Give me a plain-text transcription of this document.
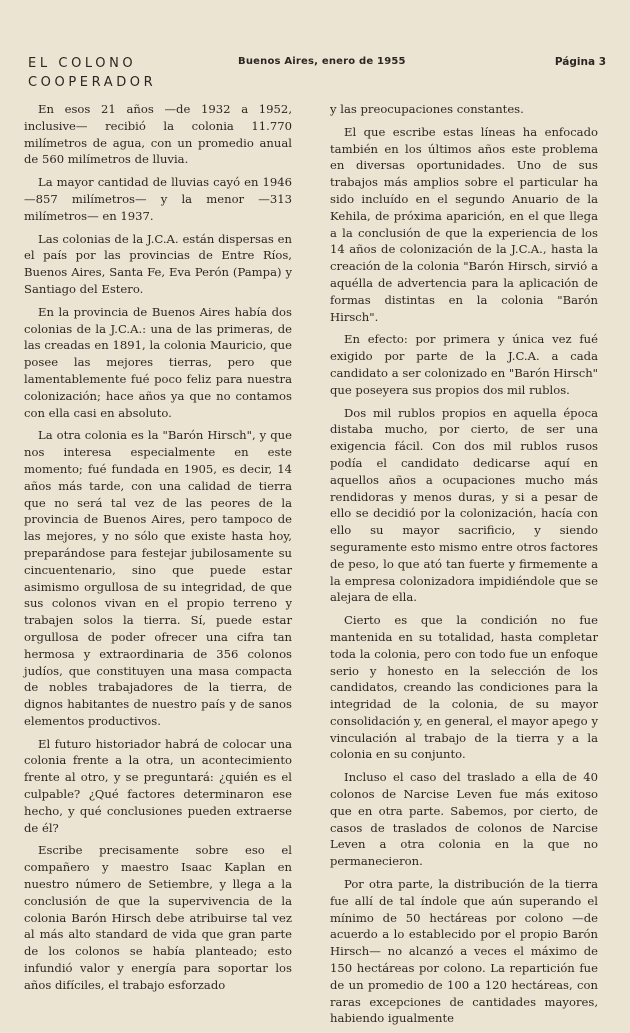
EL COLONO
COOPERADOR
Buenos Aires, enero de 1955	Página 3

En esos 21 años —de 1932 a 1952, inclusive— recibió la colonia 11.770 milímetros de agua, con un promedio anual de 560 milímetros de lluvia.

La mayor cantidad de lluvias cayó en 1946 —857 milímetros— y la menor —313 milímetros— en 1937.

Las colonias de la J.C.A. están dispersas en el país por las provincias de Entre Ríos, Buenos Aires, Santa Fe, Eva Perón (Pampa) y Santiago del Estero.

En la provincia de Buenos Aires había dos colonias de la J.C.A.: una de las primeras, de las creadas en 1891, la colonia Mauricio, que posee las mejores tierras, pero que lamentablemente fué poco feliz para nuestra colonización; hace años ya que no contamos con ella casi en absoluto.

La otra colonia es la "Barón Hirsch", y que nos interesa especialmente en este momento; fué fundada en 1905, es decir, 14 años más tarde, con una calidad de tierra que no será tal vez de las peores de la provincia de Buenos Aires, pero tampoco de las mejores, y no sólo que existe hasta hoy, preparándose para festejar jubilosamente su cincuentenario, sino que puede estar asimismo orgullosa de su integridad, de que sus colonos vivan en el propio terreno y trabajen solos la tierra. Sí, puede estar orgullosa de poder ofrecer una cifra tan hermosa y extraordinaria de 356 colonos judíos, que constituyen una masa compacta de nobles trabajadores de la tierra, de dignos habitantes de nuestro país y de sanos elementos productivos.

El futuro historiador habrá de colocar una colonia frente a la otra, un acontecimiento frente al otro, y se preguntará: ¿quién es el culpable? ¿Qué factores determinaron ese hecho, y qué conclusiones pueden extraerse de él?

Escribe precisamente sobre eso el compañero y maestro Isaac Kaplan en nuestro número de Setiembre, y llega a la conclusión de que la supervivencia de la colonia Barón Hirsch debe atribuirse tal vez al más alto standard de vida que gran parte de los colonos se había planteado; esto infundió valor y energía para soportar los años difíciles, el trabajo esforzado

y las preocupaciones constantes.

El que escribe estas líneas ha enfocado también en los últimos años este problema en diversas oportunidades. Uno de sus trabajos más amplios sobre el particular ha sido incluído en el segundo Anuario de la Kehila, de próxima aparición, en el que llega a la conclusión de que la experiencia de los 14 años de colonización de la J.C.A., hasta la creación de la colonia "Barón Hirsch, sirvió a aquélla de advertencia para la aplicación de formas distintas en la colonia "Barón Hirsch".

En efecto: por primera y única vez fué exigido por parte de la J.C.A. a cada candidato a ser colonizado en "Barón Hirsch" que poseyera sus propios dos mil rublos.

Dos mil rublos propios en aquella época distaba mucho, por cierto, de ser una exigencia fácil. Con dos mil rublos rusos podía el candidato dedicarse aquí en aquellos años a ocupaciones mucho más rendidoras y menos duras, y si a pesar de ello se decidió por la colonización, hacía con ello su mayor sacrificio, y siendo seguramente esto mismo entre otros factores de peso, lo que ató tan fuerte y firmemente a la empresa colonizadora impidiéndole que se alejara de ella.

Cierto es que la condición no fue mantenida en su totalidad, hasta completar toda la colonia, pero con todo fue un enfoque serio y honesto en la selección de los candidatos, creando las condiciones para la integridad de la colonia, de su mayor consolidación y, en general, el mayor apego y vinculación al trabajo de la tierra y a la colonia en su conjunto.

Incluso el caso del traslado a ella de 40 colonos de Narcise Leven fue más exitoso que en otra parte. Sabemos, por cierto, de casos de traslados de colonos de Narcise Leven a otra colonia en la que no permanecieron.

Por otra parte, la distribución de la tierra fue allí de tal índole que aún superando el mínimo de 50 hectáreas por colono —de acuerdo a lo establecido por el propio Barón Hirsch— no alcanzó a veces el máximo de 150 hectáreas por colono. La repartición fue de un promedio de 100 a 120 hectáreas, con raras excepciones de cantidades mayores, habiendo igualmente
